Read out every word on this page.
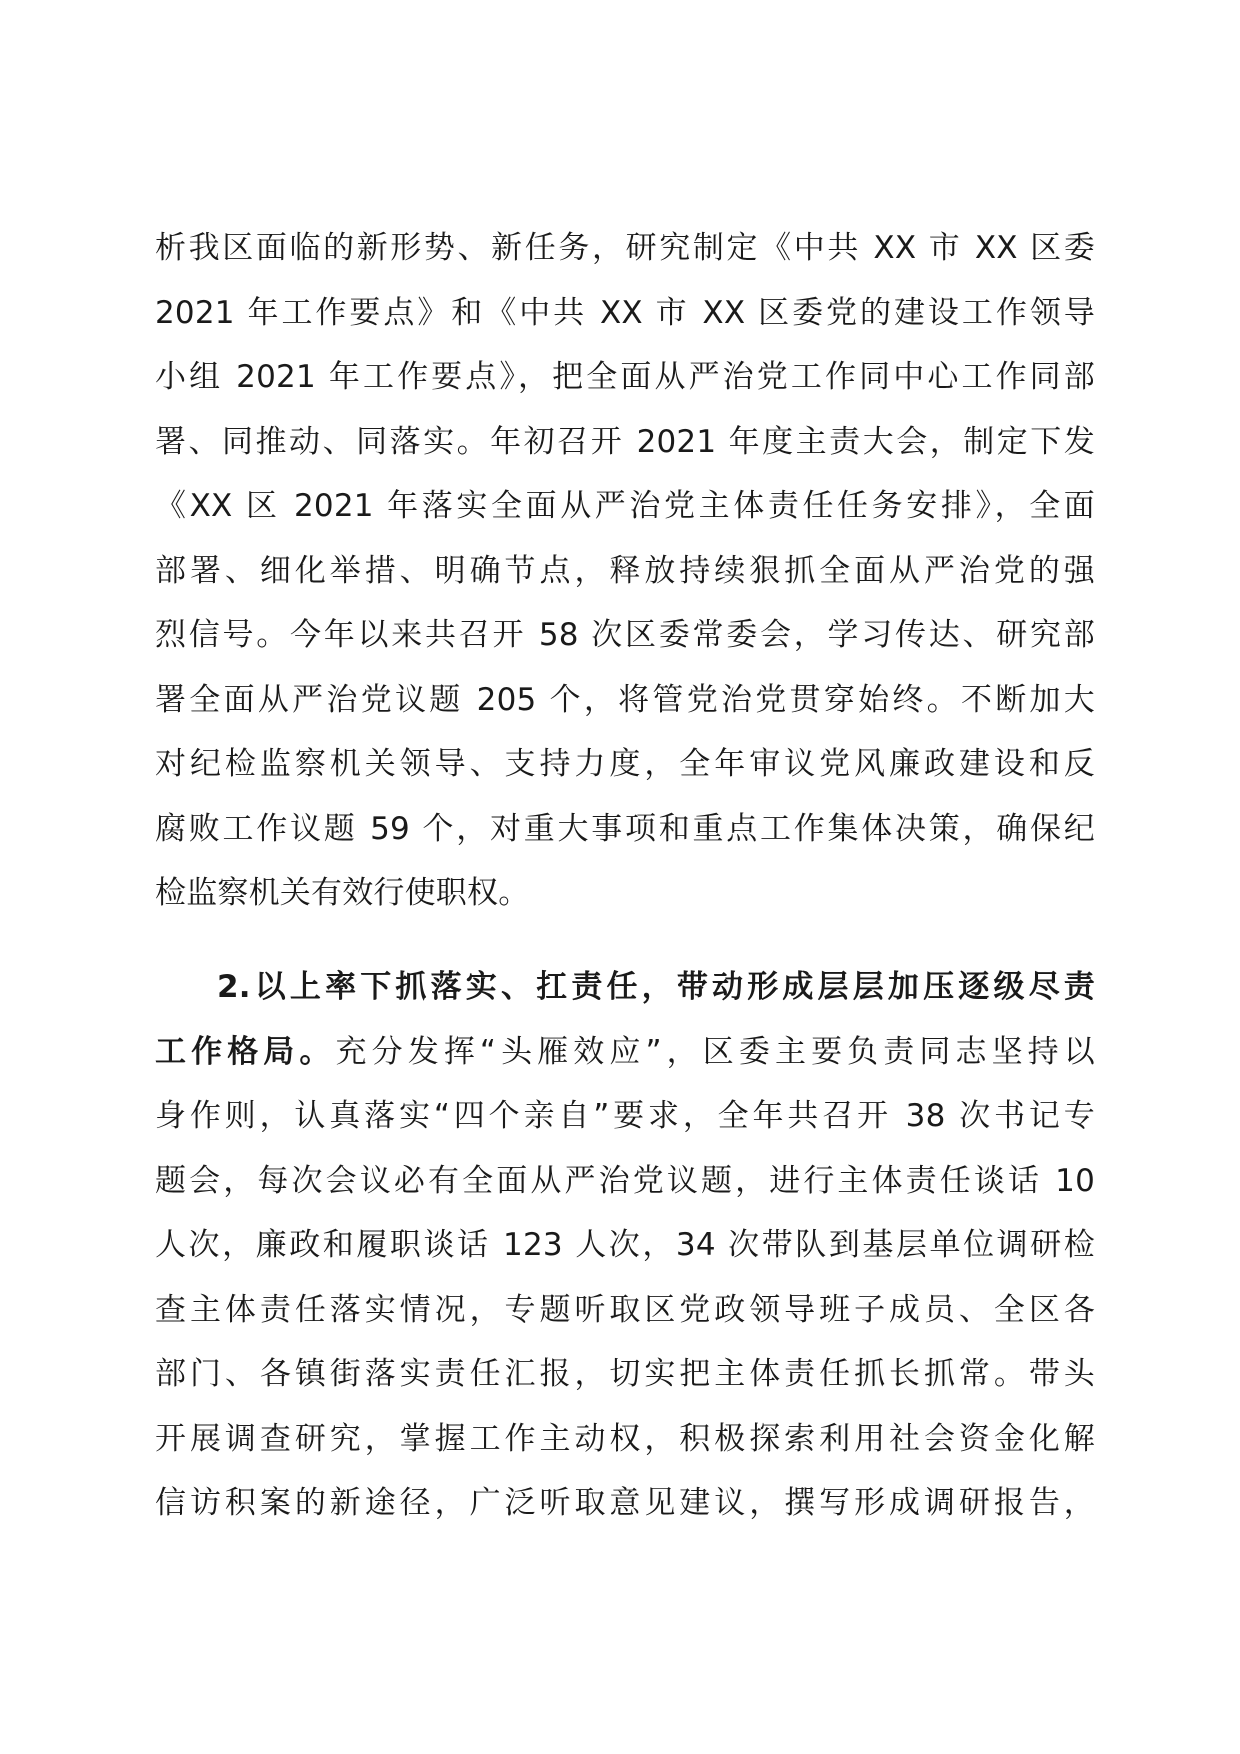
析我区面临的新形势、新任务，研究制定《中共 XX 市 XX 区委
2021 年工作要点》和《中共 XX 市 XX 区委党的建设工作领导
小组 2021 年工作要点》，把全面从严治党工作同中心工作同部
署、同推动、同落实。年初召开 2021 年度主责大会，制定下发
《XX 区 2021 年落实全面从严治党主体责任任务安排》，全面
部署、细化举措、明确节点，释放持续狠抓全面从严治党的强
烈信号。今年以来共召开 58 次区委常委会，学习传达、研究部
署全面从严治党议题 205 个，将管党治党贯穿始终。不断加大
对纪检监察机关领导、支持力度，全年审议党风廉政建设和反
腐败工作议题 59 个，对重大事项和重点工作集体决策，确保纪
检监察机关有效行使职权。
2.以上率下抓落实、扛责任，带动形成层层加压逐级尽责
工作格局。充分发挥“头雁效应”，区委主要负责同志坚持以
身作则，认真落实“四个亲自”要求，全年共召开 38 次书记专
题会，每次会议必有全面从严治党议题，进行主体责任谈话 10
人次，廉政和履职谈话 123 人次，34 次带队到基层单位调研检
查主体责任落实情况，专题听取区党政领导班子成员、全区各
部门、各镇街落实责任汇报，切实把主体责任抓长抓常。带头
开展调查研究，掌握工作主动权，积极探索利用社会资金化解
信访积案的新途径，广泛听取意见建议，撰写形成调研报告，
